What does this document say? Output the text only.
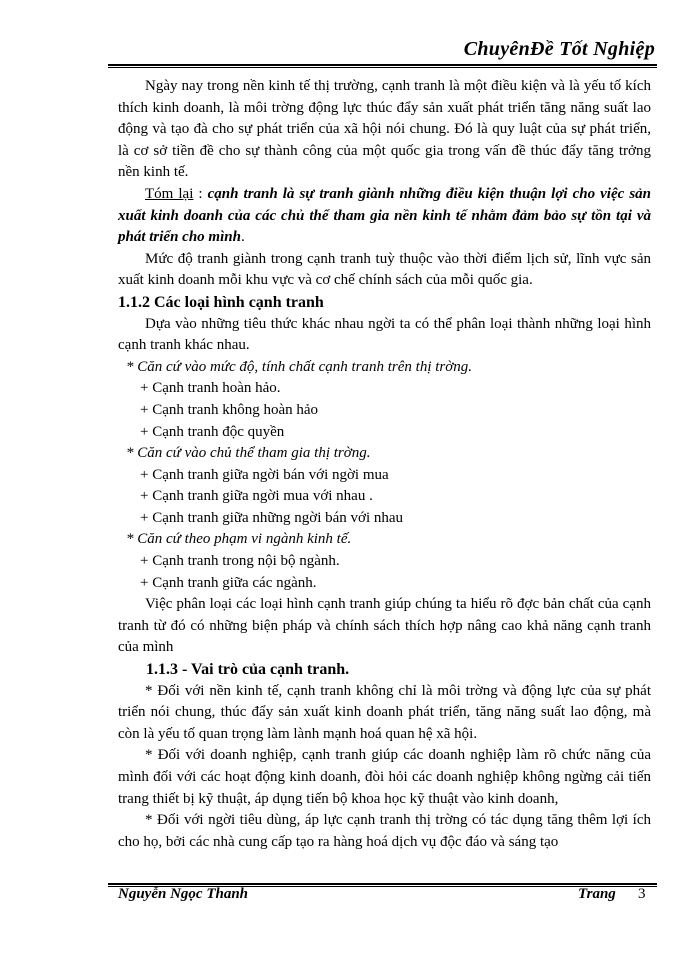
ChuyênĐề Tốt Nghiệp

Ngày nay trong nền kinh tế thị trường, cạnh tranh là một điều kiện và là yếu tố kích thích kinh doanh, là môi trờng động lực thúc đẩy sản xuất phát triển tăng năng suất lao động và tạo đà cho sự phát triển của xã hội nói chung. Đó là quy luật của sự phát triển, là cơ sở tiền đề cho sự thành công của một quốc gia trong vấn đề thúc đẩy tăng trởng nền kinh tế.

Tóm lại : cạnh tranh là sự tranh giành những điều kiện thuận lợi cho việc sản xuất kinh doanh của các chủ thể tham gia nền kinh tế nhằm đảm bảo sự tồn tại và phát triển cho mình.

Mức độ tranh giành trong cạnh tranh tuỳ thuộc vào thời điểm lịch sử, lĩnh vực sản xuất kinh doanh mỗi khu vực và cơ chế chính sách của mỗi quốc gia.

1.1.2 Các loại hình cạnh tranh

Dựa vào những tiêu thức khác nhau ngời ta có thể phân loại thành những loại hình cạnh tranh khác nhau.

* Căn cứ vào mức độ, tính chất cạnh tranh trên thị trờng.

+ Cạnh tranh hoàn hảo.

+ Cạnh tranh không hoàn hảo

+ Cạnh tranh độc quyền

* Căn cứ vào chủ thể tham gia thị trờng.

+ Cạnh tranh giữa ngời bán với ngời mua

+ Cạnh tranh giữa ngời mua với nhau .

+ Cạnh tranh giữa những ngời bán với nhau

* Căn cứ theo phạm vi ngành kinh tế.

+ Cạnh tranh trong nội bộ ngành.

+ Cạnh tranh giữa các ngành.

Việc phân loại các loại hình cạnh tranh giúp chúng ta hiểu rõ đợc bản chất của cạnh tranh từ đó có những biện pháp và chính sách thích hợp nâng cao khả năng cạnh tranh của mình

1.1.3 - Vai trò của cạnh tranh.

* Đối với nền kinh tế, cạnh tranh không chỉ là môi trờng và động lực của sự phát triển nói chung, thúc đẩy sản xuất kinh doanh phát triển, tăng năng suất lao động, mà còn là yếu tố quan trọng làm lành mạnh hoá quan hệ xã hội.

* Đối với doanh nghiệp, cạnh tranh giúp các doanh nghiệp làm rõ chức năng của mình đối với các hoạt động kinh doanh, đòi hỏi các doanh nghiệp không ngừng cải tiến trang thiết bị kỹ thuật, áp dụng tiến bộ khoa học kỹ thuật vào kinh doanh,

* Đối với ngời tiêu dùng, áp lực cạnh tranh thị trờng có tác dụng tăng thêm lợi ích cho họ, bởi các nhà cung cấp tạo ra hàng hoá dịch vụ độc đáo và sáng tạo

Nguyễn Ngọc Thanh	Trang 3
